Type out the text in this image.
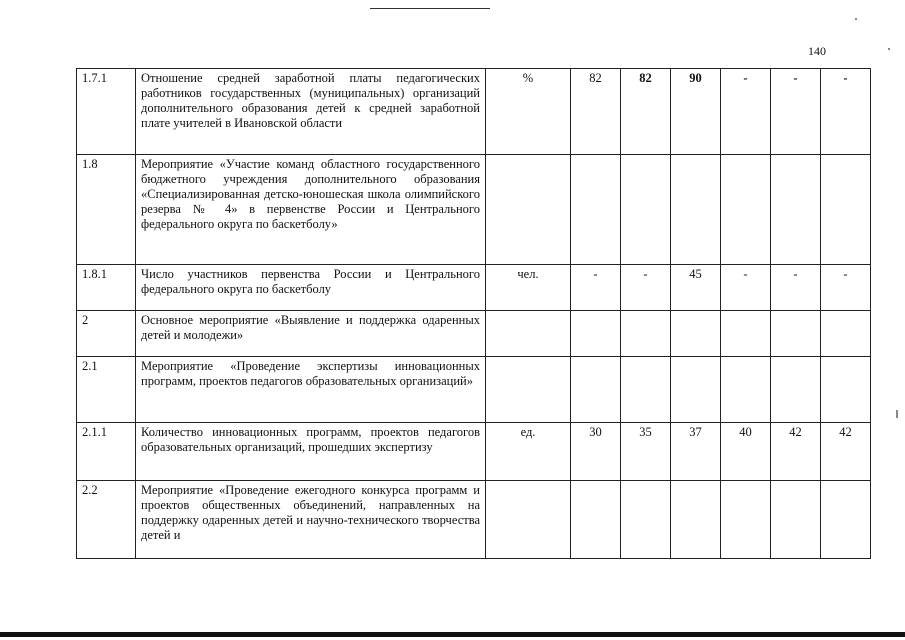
140
1.7.1	Отношение средней заработной платы педагогических работников государственных (муниципальных) организаций дополнительного образования детей к средней заработной плате учителей в Ивановской области	%	82	82	90	-	-	-
1.8	Мероприятие «Участие команд областного государственного бюджетного учреждения дополнительного образования «Специализированная детско-юношеская школа олимпийского резерва № 4» в первенстве России и Центрального федерального округа по баскетболу»							
1.8.1	Число участников первенства России и Центрального федерального округа по баскетболу	чел.	-	-	45	-	-	-
2	Основное мероприятие «Выявление и поддержка одаренных детей и молодежи»							
2.1	Мероприятие «Проведение экспертизы инновационных программ, проектов педагогов образовательных организаций»							
2.1.1	Количество инновационных программ, проектов педагогов образовательных организаций, прошедших экспертизу	ед.	30	35	37	40	42	42
2.2	Мероприятие «Проведение ежегодного конкурса программ и проектов общественных объединений, направленных на поддержку одаренных детей и научно-технического творчества детей и							
